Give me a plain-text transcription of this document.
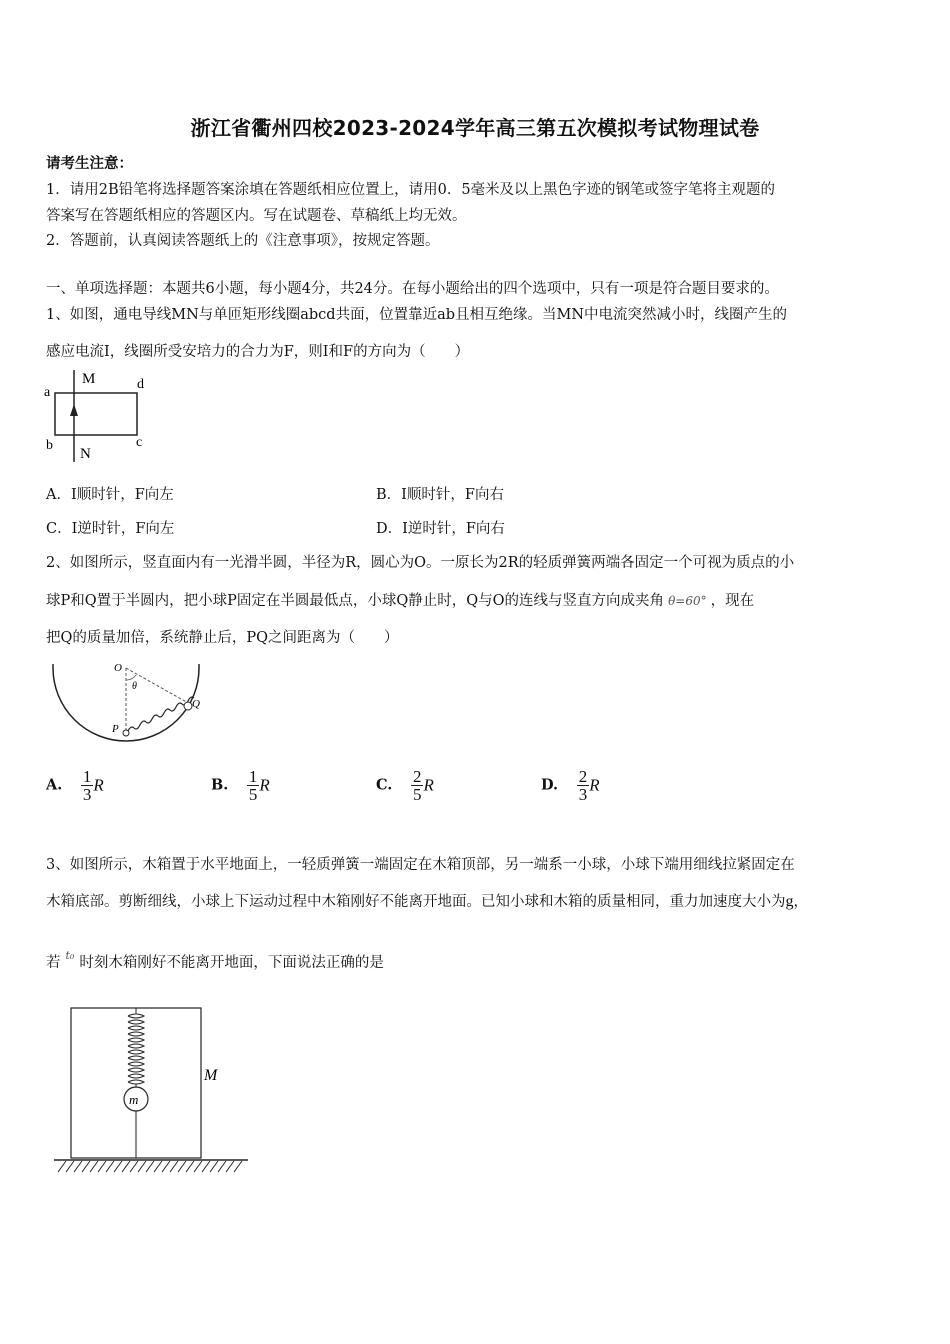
浙江省衢州四校2023-2024学年高三第五次模拟考试物理试卷
请考生注意：
1．请用2B铅笔将选择题答案涂填在答题纸相应位置上，请用0．5毫米及以上黑色字迹的钢笔或签字笔将主观题的
答案写在答题纸相应的答题区内。写在试题卷、草稿纸上均无效。
2．答题前，认真阅读答题纸上的《注意事项》，按规定答题。
一、单项选择题：本题共6小题，每小题4分，共24分。在每小题给出的四个选项中，只有一项是符合题目要求的。
1、如图，通电导线MN与单匝矩形线圈abcd共面，位置靠近ab且相互绝缘。当MN中电流突然减小时，线圈产生的
感应电流I，线圈所受安培力的合力为F，则I和F的方向为（　　）
M
N
a
b	c
d
A．I顺时针，F向左	B．I顺时针，F向右
C．I逆时针，F向左	D．I逆时针，F向右
2、如图所示，竖直面内有一光滑半圆，半径为R，圆心为O。一原长为2R的轻质弹簧两端各固定一个可视为质点的小
球P和Q置于半圆内，把小球P固定在半圆最低点，小球Q静止时，Q与O的连线与竖直方向成夹角 θ=60° ，现在
把Q的质量加倍，系统静止后，PQ之间距离为（　　）
O
θ
Q
P
A. $\frac{1}{3}$ R	B. $\frac{1}{5}$ R	C. $\frac{2}{5}$ R	D. $\frac{2}{3}$ R
3、如图所示，木箱置于水平地面上，一轻质弹簧一端固定在木箱顶部，另一端系一小球，小球下端用细线拉紧固定在
木箱底部。剪断细线，小球上下运动过程中木箱刚好不能离开地面。已知小球和木箱的质量相同，重力加速度大小为g，
若 $^{t_0}$ 时刻木箱刚好不能离开地面，下面说法正确的是
m
M
